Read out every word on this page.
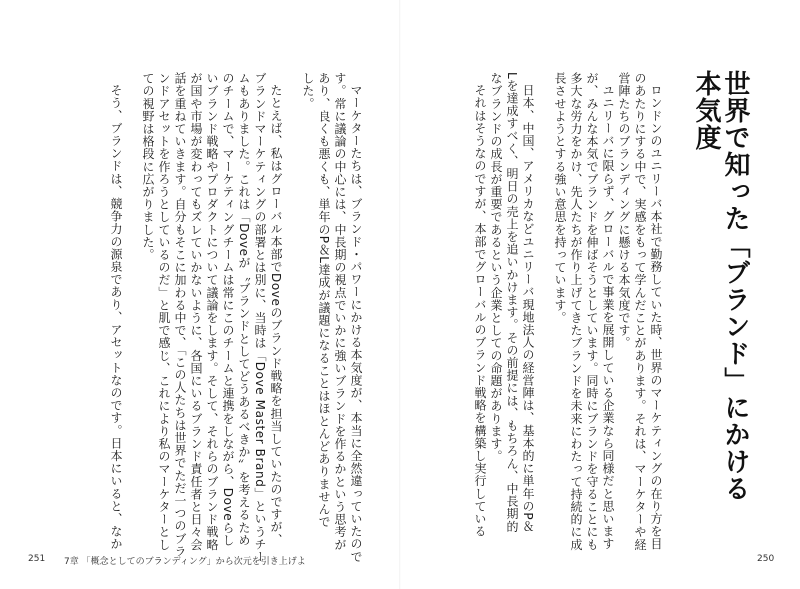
世界で知った「ブランド」にかける
本気度

ロンドンのユニリーバ本社で勤務していた時、世界のマーケティングの在り方を目

のあたりにする中で、実感をもって学んだことがあります。それは、マーケターや経

営陣たちのブランディングに懸ける本気度です。

ユニリーバに限らず、グローバルで事業を展開している企業なら同様だと思います

が、みんな本気でブランドを伸ばそうとしています。同時にブランドを守ることにも

多大な労力をかけ、先人たちが作り上げてきたブランドを未来にわたって持続的に成

長させようとする強い意思を持っています。

日本、中国、アメリカなどユニリーバ現地法人の経営陣は、基本的に単年のP＆

Lを達成すべく、明日の売上を追いかけます。その前提には、もちろん、中長期的

なブランドの成長が重要であるという企業としての命題があります。

それはそうなのですが、本部でグローバルのブランド戦略を構築し実行している

マーケターたちは、ブランド・パワーにかける本気度が、本当に全然違っていたので

す。常に議論の中心には、中長期の視点でいかに強いブランドを作るかという思考が

あり、良くも悪くも、単年のP＆L達成が議題になることはほとんどありませんで

した。

たとえば、私はグローバル本部でDoveのブランド戦略を担当していたのですが、

ブランドマーケティングの部署とは別に、当時は「Dove Master Brand」というチー

ムもありました。これは「Doveが〝ブランドとしてどうあるべきか〟を考えるため

のチームで、マーケティングチームは常にこのチームと連携をしながら、Doveらし

いブランド戦略やプロダクトについて議論をします。そして、それらのブランド戦略

が国や市場が変わってもズレていかないように、各国にいるブランド責任者と日々会

話を重ねていきます。自分もそこに加わる中で、「この人たちは世界でただ一つのブラ

ンドアセットを作ろうとしているのだ」と肌で感じ、これにより私のマーケターとし

ての視野は格段に広がりました。

そう、ブランドは、競争力の源泉であり、アセットなのです。日本にいると、なか

251 7章 「概念としてのブランディング」から次元を引き上げよ	250
